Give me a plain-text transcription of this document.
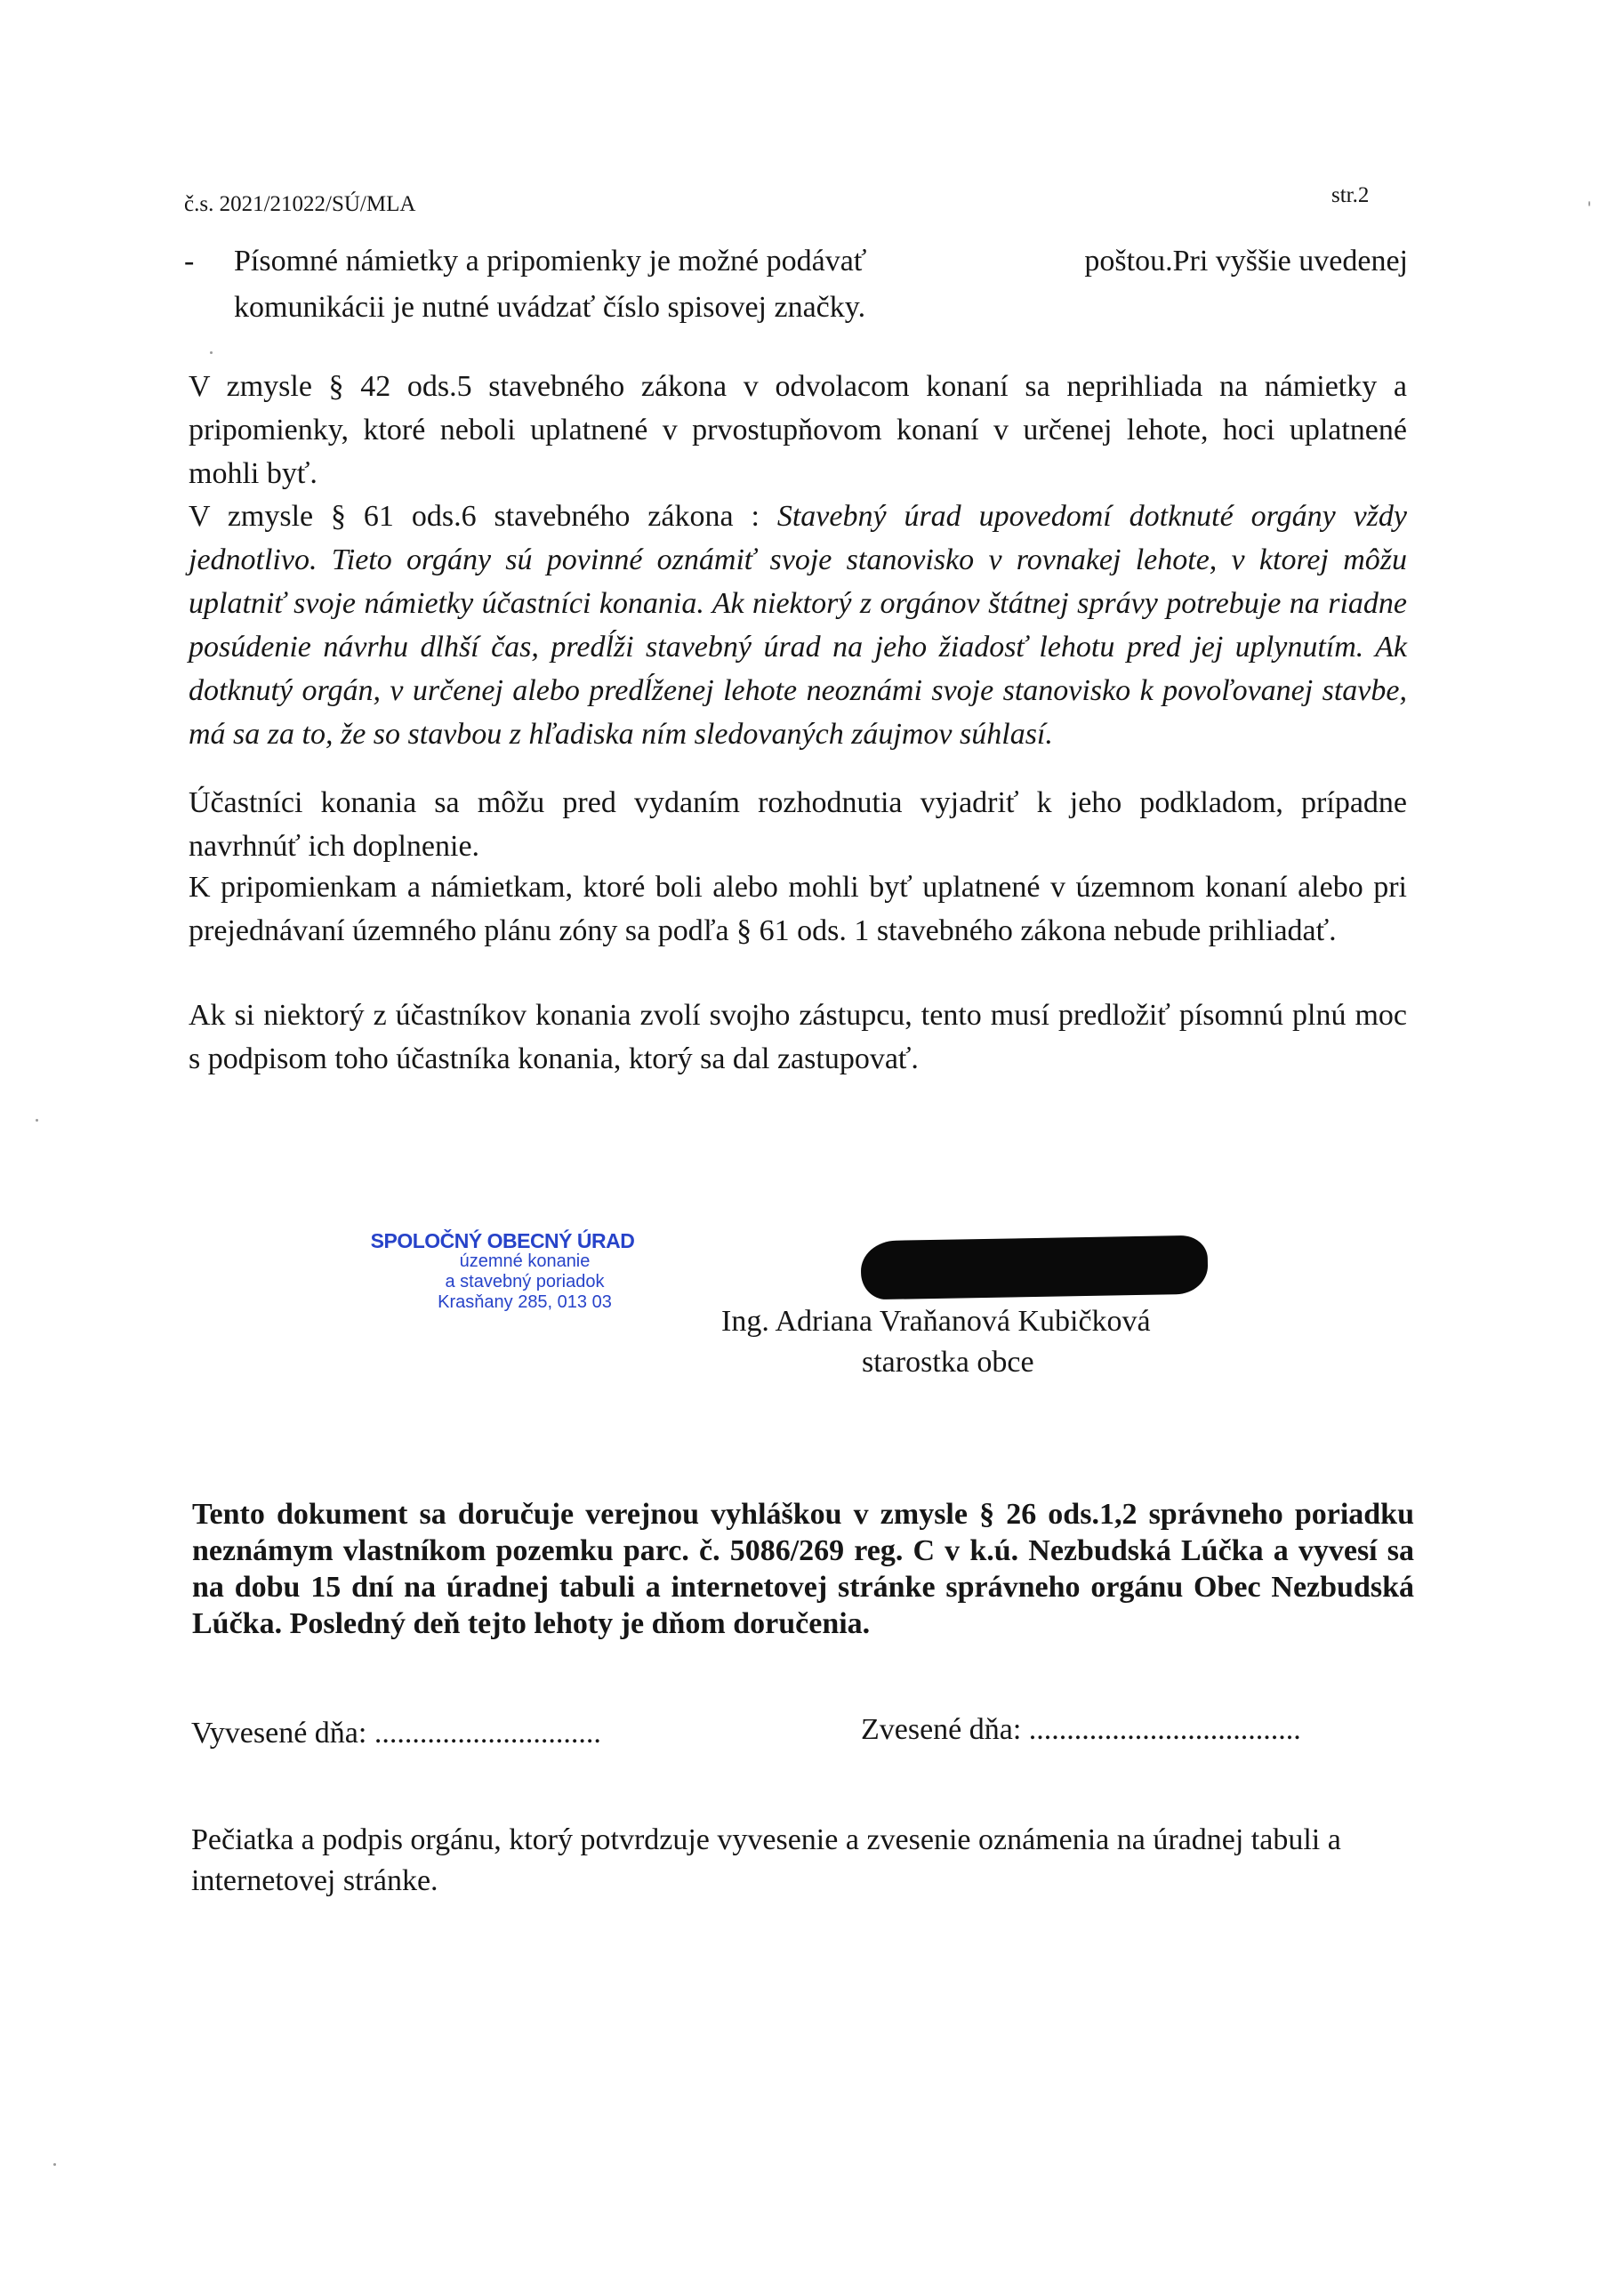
č.s. 2021/21022/SÚ/MLA	str.2
- Písomné námietky a pripomienky je možné podávať	poštou.Pri vyššie uvedenej
komunikácii je nutné uvádzať číslo spisovej značky.

V zmysle § 42 ods.5 stavebného zákona v odvolacom konaní sa neprihliada na námietky a pripomienky, ktoré neboli uplatnené v prvostupňovom konaní v určenej lehote, hoci uplatnené mohli byť.

V zmysle § 61 ods.6 stavebného zákona : Stavebný úrad upovedomí dotknuté orgány vždy jednotlivo. Tieto orgány sú povinné oznámiť svoje stanovisko v rovnakej lehote, v ktorej môžu uplatniť svoje námietky účastníci konania. Ak niektorý z orgánov štátnej správy potrebuje na riadne posúdenie návrhu dlhší čas, predĺži stavebný úrad na jeho žiadosť lehotu pred jej uplynutím. Ak dotknutý orgán, v určenej alebo predĺženej lehote neoznámi svoje stanovisko k povoľovanej stavbe, má sa za to, že so stavbou z hľadiska ním sledovaných záujmov súhlasí.

Účastníci konania sa môžu pred vydaním rozhodnutia vyjadriť k jeho podkladom, prípadne navrhnúť ich doplnenie.

K pripomienkam a námietkam, ktoré boli alebo mohli byť uplatnené v územnom konaní alebo pri prejednávaní územného plánu zóny sa podľa § 61 ods. 1 stavebného zákona nebude prihliadať.

Ak si niektorý z účastníkov konania zvolí svojho zástupcu, tento musí predložiť písomnú plnú moc s podpisom toho účastníka konania, ktorý sa dal zastupovať.

SPOLOČNÝ OBECNÝ ÚRAD
územné konanie
a stavebný poriadok
Krasňany 285, 013 03
Ing. Adriana Vraňanová Kubičková
starostka obce

Tento dokument sa doručuje verejnou vyhláškou v zmysle § 26 ods.1,2 správneho poriadku neznámym vlastníkom pozemku parc. č. 5086/269 reg. C v k.ú. Nezbudská Lúčka a vyvesí sa na dobu 15 dní na úradnej tabuli a internetovej stránke správneho orgánu Obec Nezbudská Lúčka. Posledný deň tejto lehoty je dňom doručenia.

Vyvesené dňa: ..............................	Zvesené dňa: ....................................

Pečiatka a podpis orgánu, ktorý potvrdzuje vyvesenie a zvesenie oznámenia na úradnej tabuli a internetovej stránke.
